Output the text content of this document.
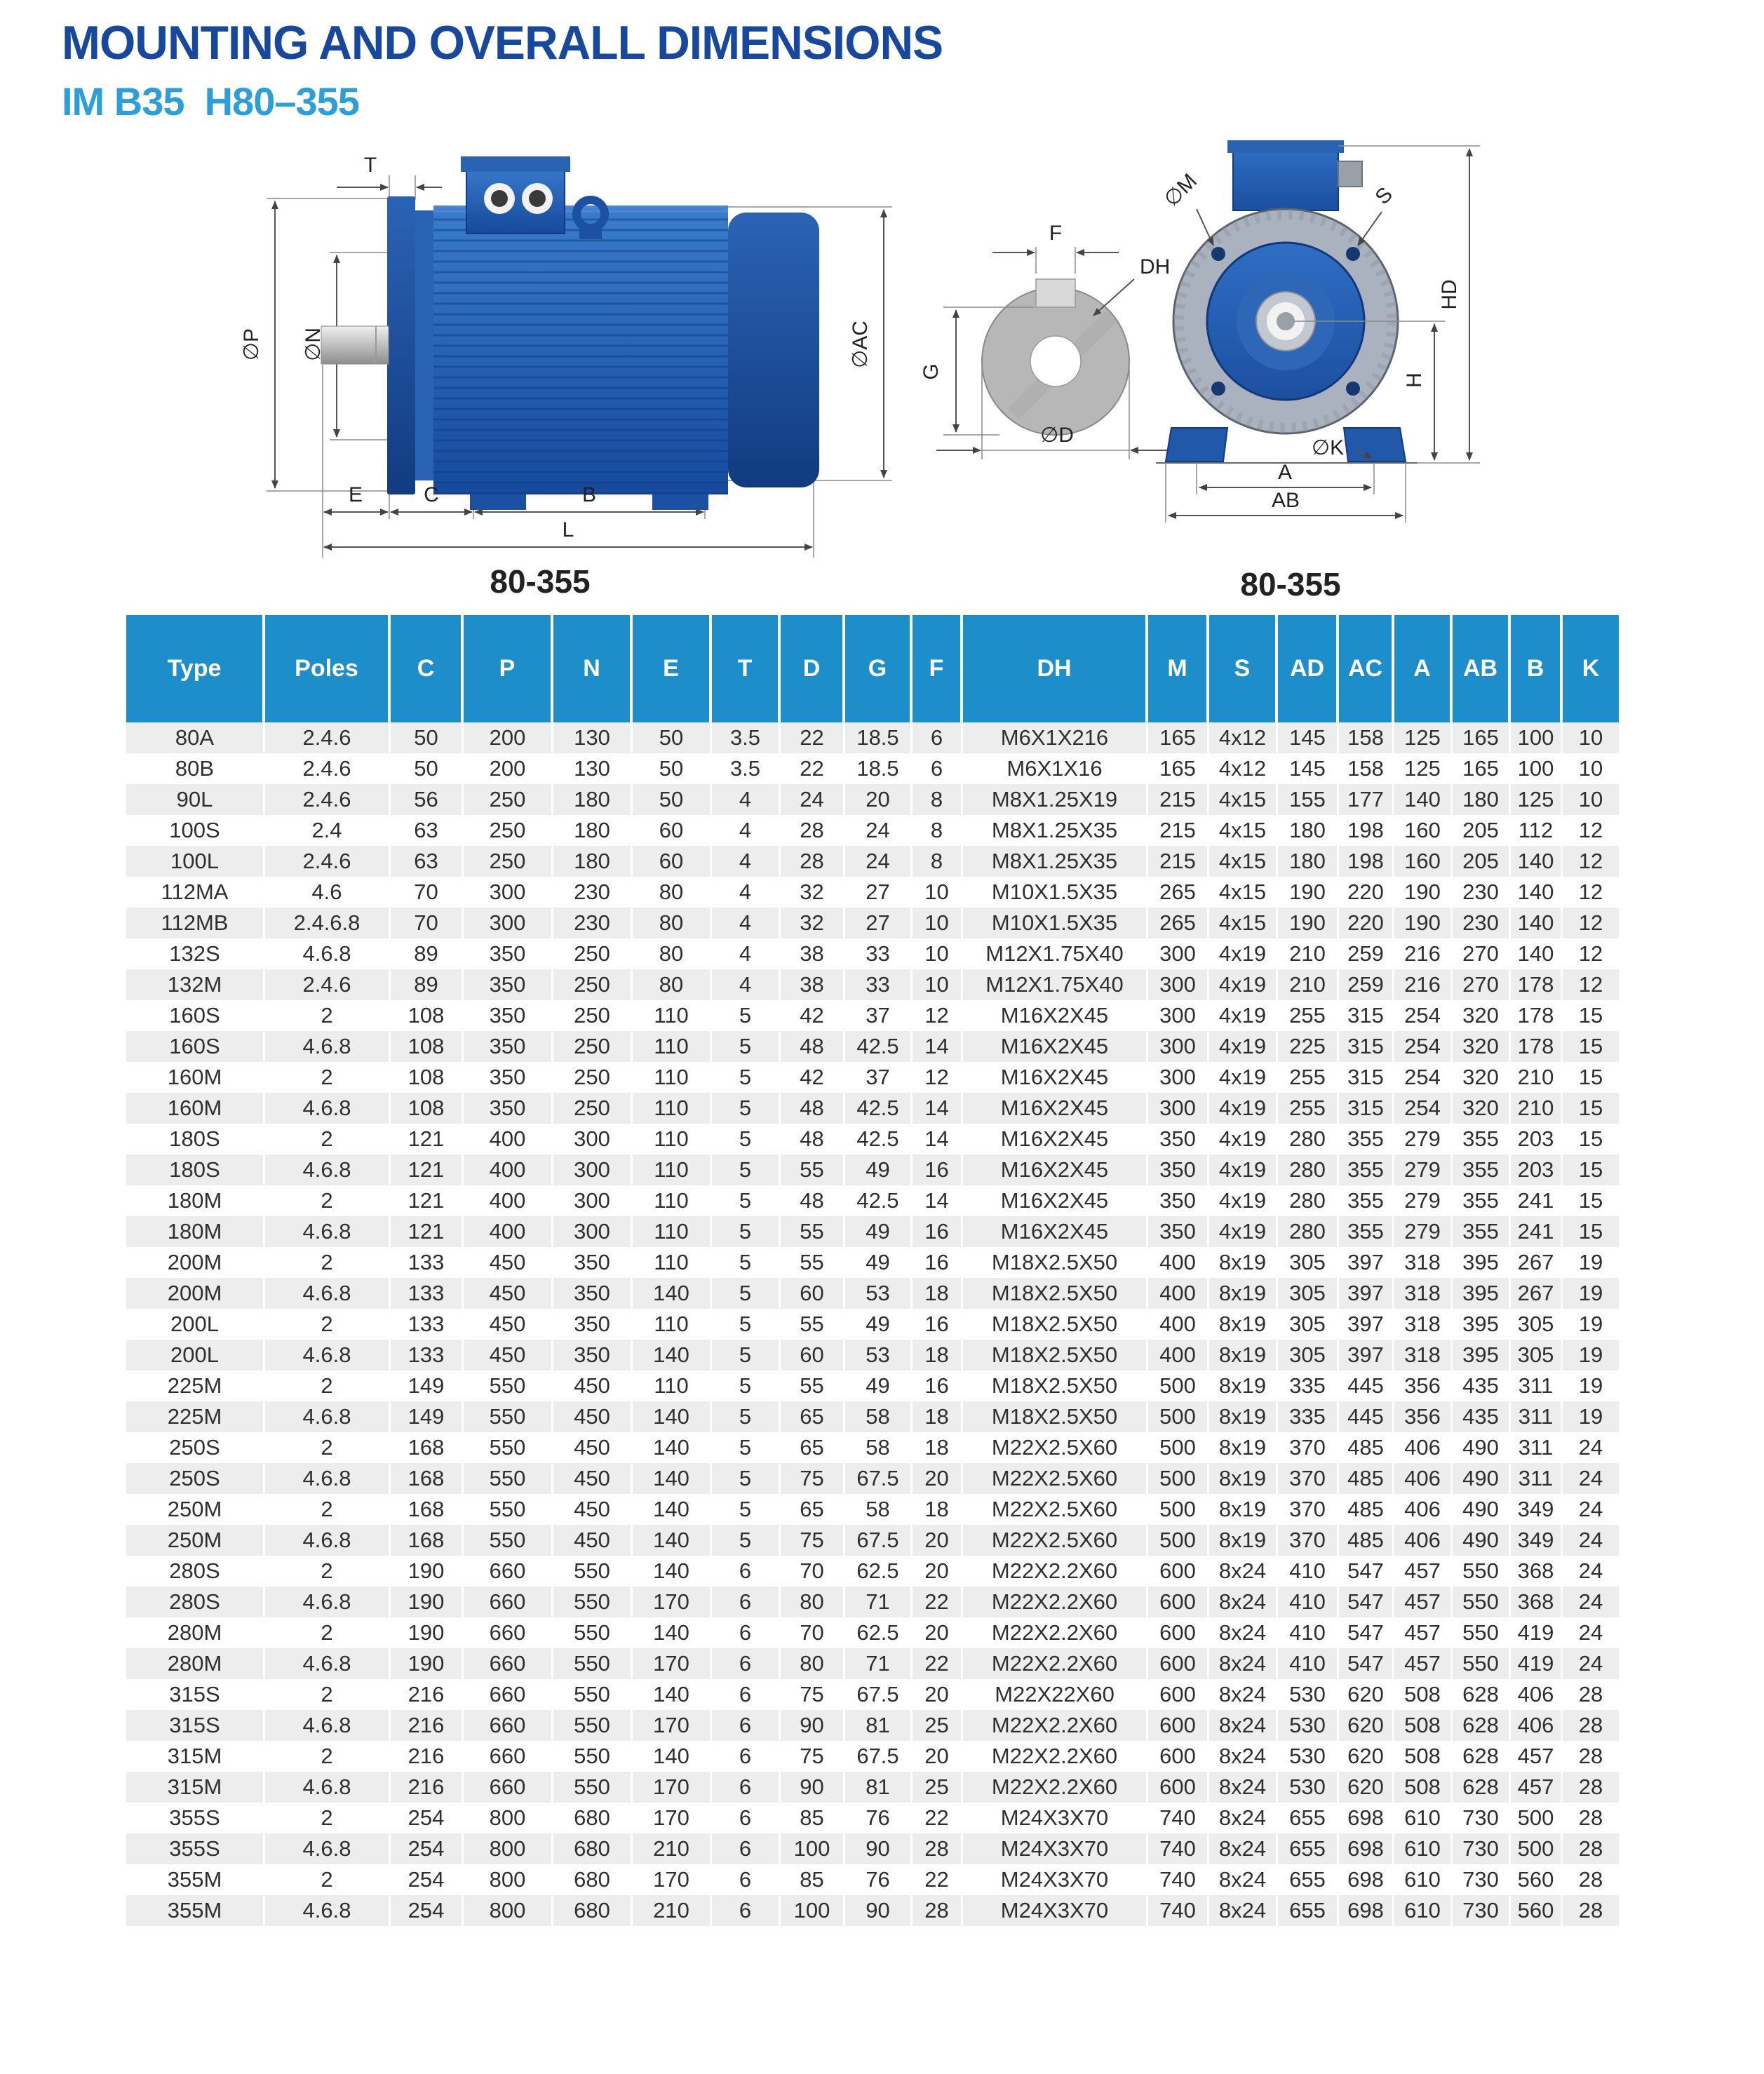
MOUNTING AND OVERALL DIMENSIONS
IM B35  H80–355
T
∅P ∅N	∅AC
E	C	B
L
F
DH
G
∅D
HD
H
∅M	S
∅K
A
AB
80-355	80-355
Type	Poles	C	P	N	E	T	D	G	F	DH	M	S	AD	AC	A	AB	B	K
80A	2.4.6	50	200	130	50	3.5	22	18.5	6	M6X1X216	165	4x12	145	158	125	165	100	10
80B	2.4.6	50	200	130	50	3.5	22	18.5	6	M6X1X16	165	4x12	145	158	125	165	100	10
90L	2.4.6	56	250	180	50	4	24	20	8	M8X1.25X19	215	4x15	155	177	140	180	125	10
100S	2.4	63	250	180	60	4	28	24	8	M8X1.25X35	215	4x15	180	198	160	205	112	12
100L	2.4.6	63	250	180	60	4	28	24	8	M8X1.25X35	215	4x15	180	198	160	205	140	12
112MA	4.6	70	300	230	80	4	32	27	10	M10X1.5X35	265	4x15	190	220	190	230	140	12
112MB	2.4.6.8	70	300	230	80	4	32	27	10	M10X1.5X35	265	4x15	190	220	190	230	140	12
132S	4.6.8	89	350	250	80	4	38	33	10	M12X1.75X40	300	4x19	210	259	216	270	140	12
132M	2.4.6	89	350	250	80	4	38	33	10	M12X1.75X40	300	4x19	210	259	216	270	178	12
160S	2	108	350	250	110	5	42	37	12	M16X2X45	300	4x19	255	315	254	320	178	15
160S	4.6.8	108	350	250	110	5	48	42.5	14	M16X2X45	300	4x19	225	315	254	320	178	15
160M	2	108	350	250	110	5	42	37	12	M16X2X45	300	4x19	255	315	254	320	210	15
160M	4.6.8	108	350	250	110	5	48	42.5	14	M16X2X45	300	4x19	255	315	254	320	210	15
180S	2	121	400	300	110	5	48	42.5	14	M16X2X45	350	4x19	280	355	279	355	203	15
180S	4.6.8	121	400	300	110	5	55	49	16	M16X2X45	350	4x19	280	355	279	355	203	15
180M	2	121	400	300	110	5	48	42.5	14	M16X2X45	350	4x19	280	355	279	355	241	15
180M	4.6.8	121	400	300	110	5	55	49	16	M16X2X45	350	4x19	280	355	279	355	241	15
200M	2	133	450	350	110	5	55	49	16	M18X2.5X50	400	8x19	305	397	318	395	267	19
200M	4.6.8	133	450	350	140	5	60	53	18	M18X2.5X50	400	8x19	305	397	318	395	267	19
200L	2	133	450	350	110	5	55	49	16	M18X2.5X50	400	8x19	305	397	318	395	305	19
200L	4.6.8	133	450	350	140	5	60	53	18	M18X2.5X50	400	8x19	305	397	318	395	305	19
225M	2	149	550	450	110	5	55	49	16	M18X2.5X50	500	8x19	335	445	356	435	311	19
225M	4.6.8	149	550	450	140	5	65	58	18	M18X2.5X50	500	8x19	335	445	356	435	311	19
250S	2	168	550	450	140	5	65	58	18	M22X2.5X60	500	8x19	370	485	406	490	311	24
250S	4.6.8	168	550	450	140	5	75	67.5	20	M22X2.5X60	500	8x19	370	485	406	490	311	24
250M	2	168	550	450	140	5	65	58	18	M22X2.5X60	500	8x19	370	485	406	490	349	24
250M	4.6.8	168	550	450	140	5	75	67.5	20	M22X2.5X60	500	8x19	370	485	406	490	349	24
280S	2	190	660	550	140	6	70	62.5	20	M22X2.2X60	600	8x24	410	547	457	550	368	24
280S	4.6.8	190	660	550	170	6	80	71	22	M22X2.2X60	600	8x24	410	547	457	550	368	24
280M	2	190	660	550	140	6	70	62.5	20	M22X2.2X60	600	8x24	410	547	457	550	419	24
280M	4.6.8	190	660	550	170	6	80	71	22	M22X2.2X60	600	8x24	410	547	457	550	419	24
315S	2	216	660	550	140	6	75	67.5	20	M22X22X60	600	8x24	530	620	508	628	406	28
315S	4.6.8	216	660	550	170	6	90	81	25	M22X2.2X60	600	8x24	530	620	508	628	406	28
315M	2	216	660	550	140	6	75	67.5	20	M22X2.2X60	600	8x24	530	620	508	628	457	28
315M	4.6.8	216	660	550	170	6	90	81	25	M22X2.2X60	600	8x24	530	620	508	628	457	28
355S	2	254	800	680	170	6	85	76	22	M24X3X70	740	8x24	655	698	610	730	500	28
355S	4.6.8	254	800	680	210	6	100	90	28	M24X3X70	740	8x24	655	698	610	730	500	28
355M	2	254	800	680	170	6	85	76	22	M24X3X70	740	8x24	655	698	610	730	560	28
355M	4.6.8	254	800	680	210	6	100	90	28	M24X3X70	740	8x24	655	698	610	730	560	28
